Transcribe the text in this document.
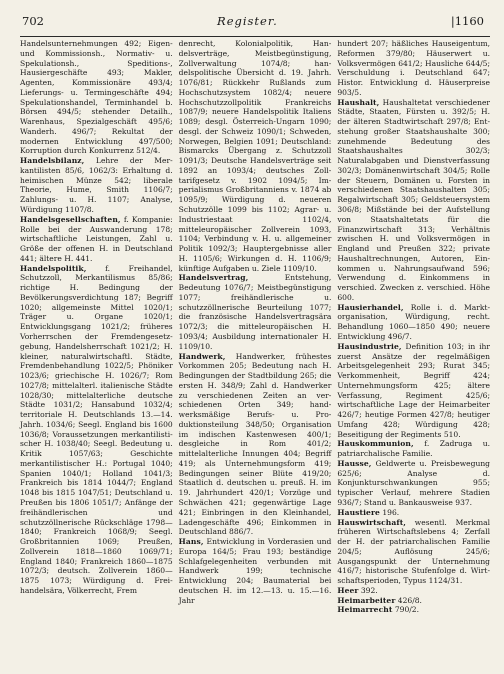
702	Register.	|1160

Handelsunternehmungen 492; Eigen- und Kommissionsh., Normativ- u. Spekulationsh., Speditions-, Hausiergeschäfte 493; Makler, Agenten, Kommissionäre 493/4; Lieferungs- u. Termingeschäfte 494; Spekulationshandel, Terminhandel b. Börsen 494/5; stehender Detailh., Warenhaus, Spezialgeschäft 495/6; Wanderh. 496/7; Rekultat der modernen Entwicklung 497/500; Korruption durch Konkurrenz 512/4.

Handelsbilanz, Lehre der Merkantilisten 85/6, 1062/3: Erhaltung d. heimischen Münze 542; liberale Theorie, Hume, Smith 1106/7; Zahlungs- u. H. 1107; Analyse, Würdigung 1107/8.

Handelsgesellschaften, f. Kompanie: Rolle bei der Auswanderung 178; wirtschaftliche Leistungen, Zahl u. Größe der offenen H. in Deutschland 441; ältere H. 441.

Handelspolitik, f. Freihandel, Schutzzoll, Merkantilismus 85/86; richtige H. Bedingung der Bevölkerungsverdichtung 187; Begriff 1020; allgemeinste Mittel 1020/1; Träger u. Organe 1020/1; Entwicklungsgang 1021/2; früheres Vorherrschen der Fremdengesetzgebung, Handelsherrschaft 1021/2; H. kleiner, naturalwirtschaftl. Städte, Fremdenbehandlung 1022/5; Phöniker 1023/6; griechische H. 1026/7; Rom 1027/8; mittelalterl. italienische Städte 1028/30; mittelalterliche deutsche Städte 1031/2; Hansabund 1032/4; territoriale H. Deutschlands 13.—14. Jahrh. 1034/6; Seegl. England bis 1600 1036/8; Voraussetzungen merkantilistischer H. 1038/40; Seegl. Bedeutung u. Kritik 1057/63; Geschichte merkantilistischer H.: Portugal 1040; Spanien 1040/1; Holland 1041/3; Frankreich bis 1814 1044/7; England 1048 bis 1815 1047/51; Deutschland u. Preußen bis 1806 1051/7; Anfänge der freihändlerischen und schutzzöllnerische Rückschläge 1798—1840; Frankreich 1068/9; Seegl. Großbritannien 1069; Preußen, Zollverein 1818—1860 1069/71; England 1840; Frankreich 1860—1875 1072/3; deutsch. Zollverein 1860—1875 1073; Würdigung d. Freihandelsära, Völkerrecht, Frem

denrecht, Kolonialpolitik, Handelsverträge, Meistbegünstigung, Zollverwaltung 1074/8; handelspolitische Übersicht d. 19. Jahrh. 1076/81; Rückkehr Rußlands zum Hochschutzsystem 1082/4; neuere Hochschutzzollpolitik Frankreichs 1087/9; neuere Handelspolitik Italiens 1089; desgl. Österreich-Ungarn 1090; desgl. der Schweiz 1090/1; Schweden, Norwegen, Belgien 1091; Deutschland: Bismarcks Übergang z. Schutzzoll 1091/3; Deutsche Handelsverträge seit 1892 an 1093/4; deutsches Zolltarifgesetz v. 1902 1094/5; Imperialismus Großbritanniens v. 1874 ab 1095/9; Würdigung d. neueren Schutzzölle 1099 bis 1102; Agrar- u. Industriestaat 1102/4, mitteleuropäischer Zollverein 1093, 1104; Verbindung v. H. u. allgemeiner Politik 1092/3; Hauptergebnisse aller H. 1105/6; Wirkungen d. H. 1106/9; künftige Aufgaben u. Ziele 1109/10.

Handelsvertrag, Entstehung, Bedeutung 1076/7; Meistbegünstigung 1077; freihändlerische u. schutzzöllnerische Beurteilung 1077; die französische Handelsvertragsära 1072/3; die mitteleuropäischen H. 1093/4; Ausbildung internationaler H. 1109/10.

Handwerk, Handwerker, frühestes Vorkommen 205; Bedeutung nach H. Bedingungen der Stadtbildung 265; die ersten H. 348/9; Zahl d. Handwerker zu verschiedenen Zeiten an verschiedenen Orten 349; handwerksmäßige Berufs- u. Produktionsteilung 348/50; Organisation im indischen Kastenwesen 400/1; desgleiche in Rom 401/2; mittelalterliche Innungen 404; Begriff 419; als Unternehmungsform 419; Bedingungen seiner Blüte 419/20; Staatlich d. deutschen u. preuß. H. im 19. Jahrhundert 420/1; Vorzüge und Schwächen 421; gegenwärtige Lage 421; Einbringen in den Kleinhandel, Ladengeschäfte 496; Einkommen in Deutschland 886/7.

Hans, Entwicklung in Vorderasien und Europa 164/5; Frau 193; beständige Schlafgelegenheiten verbunden mit Handwerk 199; technische Entwicklung 204; Baumaterial bei deutschen H. im 12.—13. u. 15.—16. Jahr

hundert 207; häßliches Hauseigentum, Reformen 379/80; Häuserwert u. Volksvermögen 641/2; Hausliche 644/5; Verschuldung i. Deutschland 647; Histor. Entwicklung d. Häuserpreise 903/5.

Haushalt, Haushaltetat verschiedener Städte, Staaten, Fürsten u. 392/5; H. der älteren Stadtwirtschaft 297/8; Entstehung großer Staatshaushalte 300; zunehmende Bedeutung des Staatshaushaltes 302/3; Naturalabgaben und Dienstverfassung 302/3; Domänenwirtschaft 304/5; Rolle der Steuern, Domänen u. Forsten in verschiedenen Staatshaushalten 305; Regalwirtschaft 305; Geldsteuersystem 306/8; Mißstände bei der Aufstellung von Staatshaltetats für die Finanzwirtschaft 313; Verhältnis zwischen H. und Volksvermögen in England und Preußen 322; private Haushaltrechnungen, Autoren, Einkommen u. Nahrungsaufwand 596; Verwendung d. Einkommens in verschied. Zwecken z. verschied. Höhe 600.

Hausierhandel, Rolle i. d. Marktorganisation, Würdigung, recht. Behandlung 1060—1850 490; neuere Entwicklung 496/7.

Hausindustrie, Definition 103; in ihr zuerst Ansätze der regelmäßigen Arbeitsgelegenheit 293; Rurat 345; Verkommenheit, Begriff 424; Unternehmungsform 425; ältere Verfassung, Regiment 425/6; wirtschaftliche Lage der Heimarbeiter 426/7; heutige Formen 427/8; heutiger Umfang 428; Würdigung 428; Beseitigung der Regiments 510.

Hauskommunion, f. Zadruga u. patriarchalische Familie.

Hausse, Geldwerte u. Preisbewegung 625/6; Analyse d. Konjunkturschwankungen 955; typischer Verlauf, mehrere Stadien 936/7; Stand u. Bankausweise 937.

Haustiere 196.

Hauswirtschaft, wesentl. Merkmal früheren Wirtschaftslebens 4; Zerfall der H. der patriarchalischen Familie 204/5; Auflösung 245/6; Ausgangspunkt der Unternehmung 416/7; historische Stufenfolge d. Wirtschaftsperioden, Typus 1124/31.

Heer 392.

Heimarbeiter 426/8.

Heimarrecht 790/2.
